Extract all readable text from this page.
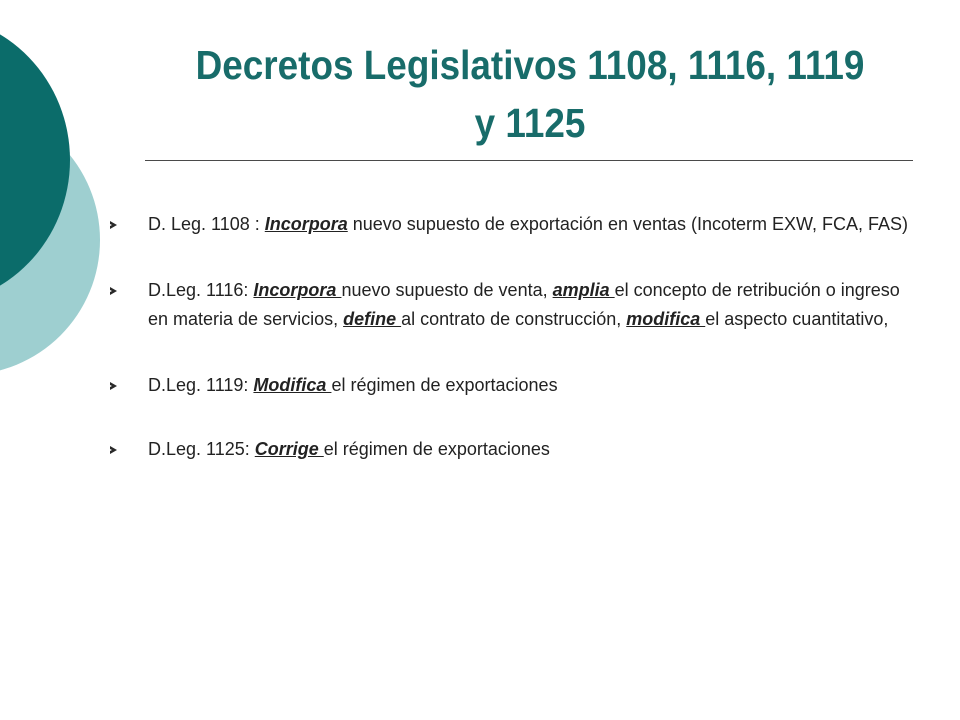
Decretos Legislativos 1108, 1116, 1119
y 1125
D. Leg. 1108 : Incorpora nuevo supuesto de exportación en ventas (Incoterm EXW, FCA, FAS)
D.Leg. 1116: Incorpora nuevo supuesto de venta, amplia el concepto de retribución o ingreso en materia de servicios, define al contrato de construcción, modifica el aspecto cuantitativo,
D.Leg. 1119: Modifica el régimen de exportaciones
D.Leg. 1125: Corrige el régimen de exportaciones
